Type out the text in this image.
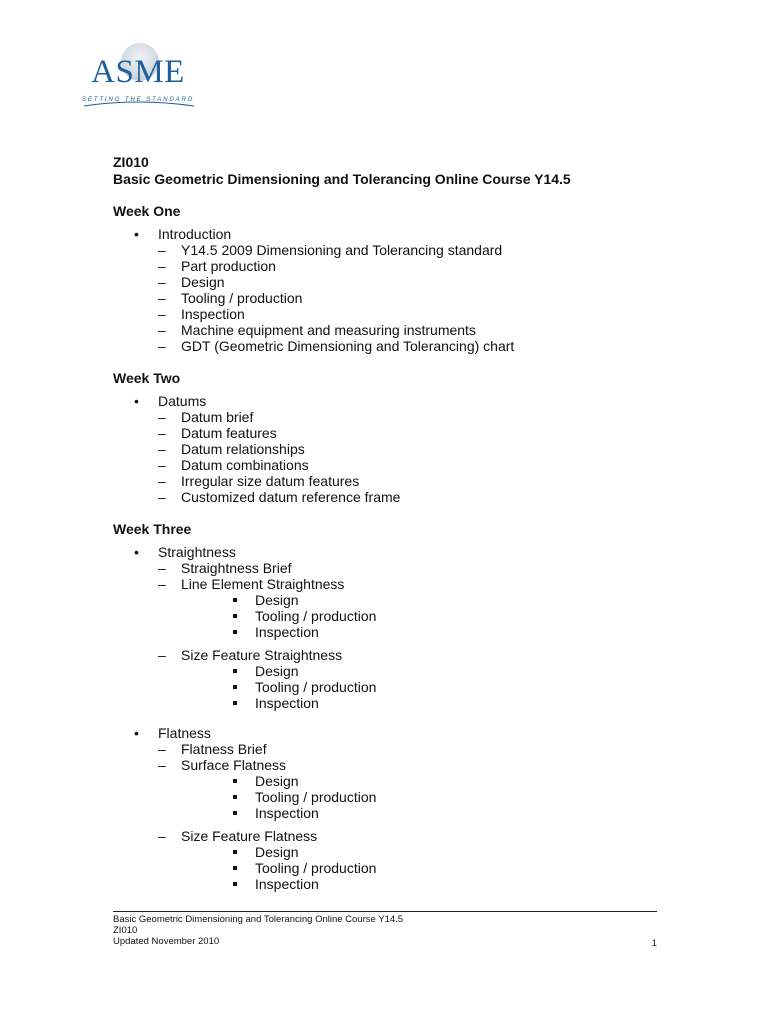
ASME
SETTING THE STANDARD
ZI010
Basic Geometric Dimensioning and Tolerancing Online Course Y14.5
Week One
• Introduction
– Y14.5 2009 Dimensioning and Tolerancing standard
– Part production
– Design
– Tooling / production
– Inspection
– Machine equipment and measuring instruments
– GDT (Geometric Dimensioning and Tolerancing) chart
Week Two
• Datums
– Datum brief
– Datum features
– Datum relationships
– Datum combinations
– Irregular size datum features
– Customized datum reference frame
Week Three
• Straightness
– Straightness Brief
– Line Element Straightness
Design
Tooling / production
Inspection
– Size Feature Straightness
Design
Tooling / production
Inspection
• Flatness
– Flatness Brief
– Surface Flatness
Design
Tooling / production
Inspection
– Size Feature Flatness
Design
Tooling / production
Inspection
Basic Geometric Dimensioning and Tolerancing Online Course Y14.5
ZI010
Updated November 2010	1
